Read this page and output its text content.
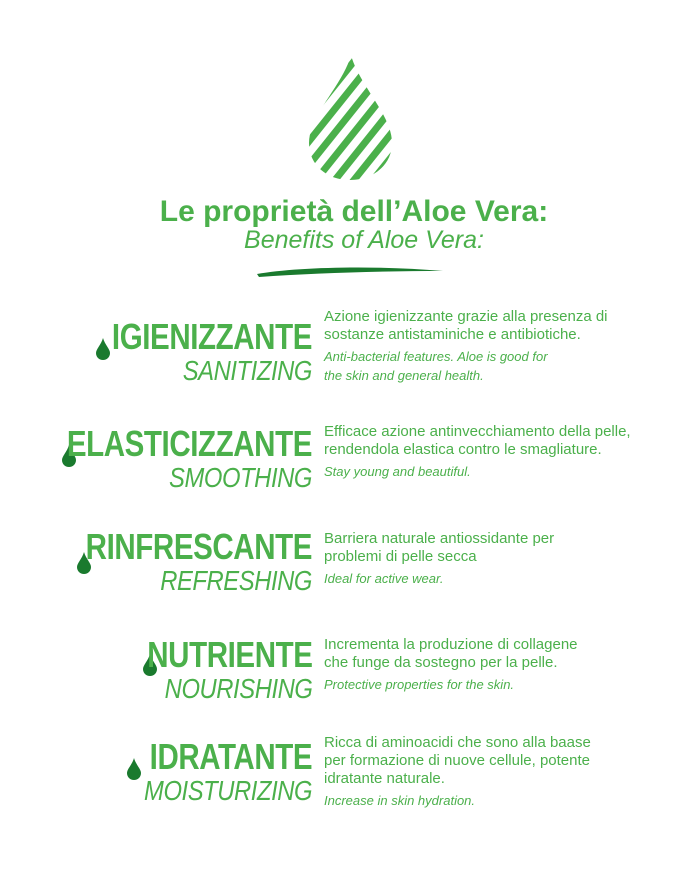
Le proprietà dell’Aloe Vera:
Benefits of Aloe Vera:
IGIENIZZANTE
SANITIZING

Azione igienizzante grazie alla presenza di sostanze antistaminiche e antibiotiche.

Anti-bacterial features. Aloe is good for the skin and general health.

ELASTICIZZANTE
SMOOTHING

Efficace azione antinvecchiamento della pelle, rendendola elastica contro le smagliature.

Stay young and beautiful.

RINFRESCANTE
REFRESHING

Barriera naturale antiossidante per problemi di pelle secca

Ideal for active wear.

NUTRIENTE
NOURISHING

Incrementa la produzione di collagene che funge da sostegno per la pelle.

Protective properties for the skin.

IDRATANTE
MOISTURIZING

Ricca di aminoacidi che sono alla baase per formazione di nuove cellule, potente idratante naturale.

Increase in skin hydration.
